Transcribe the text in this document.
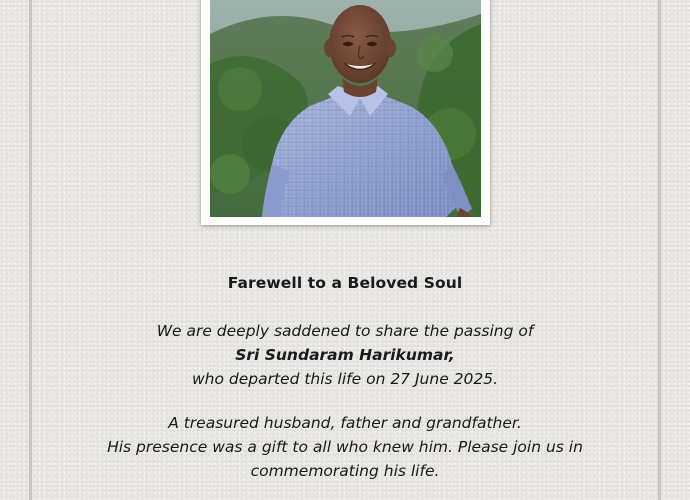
Farewell to a Beloved Soul
We are deeply saddened to share the passing of
Sri Sundaram Harikumar,
who departed this life on 27 June 2025.
A treasured husband, father and grandfather.
His presence was a gift to all who knew him. Please join us in
commemorating his life.
